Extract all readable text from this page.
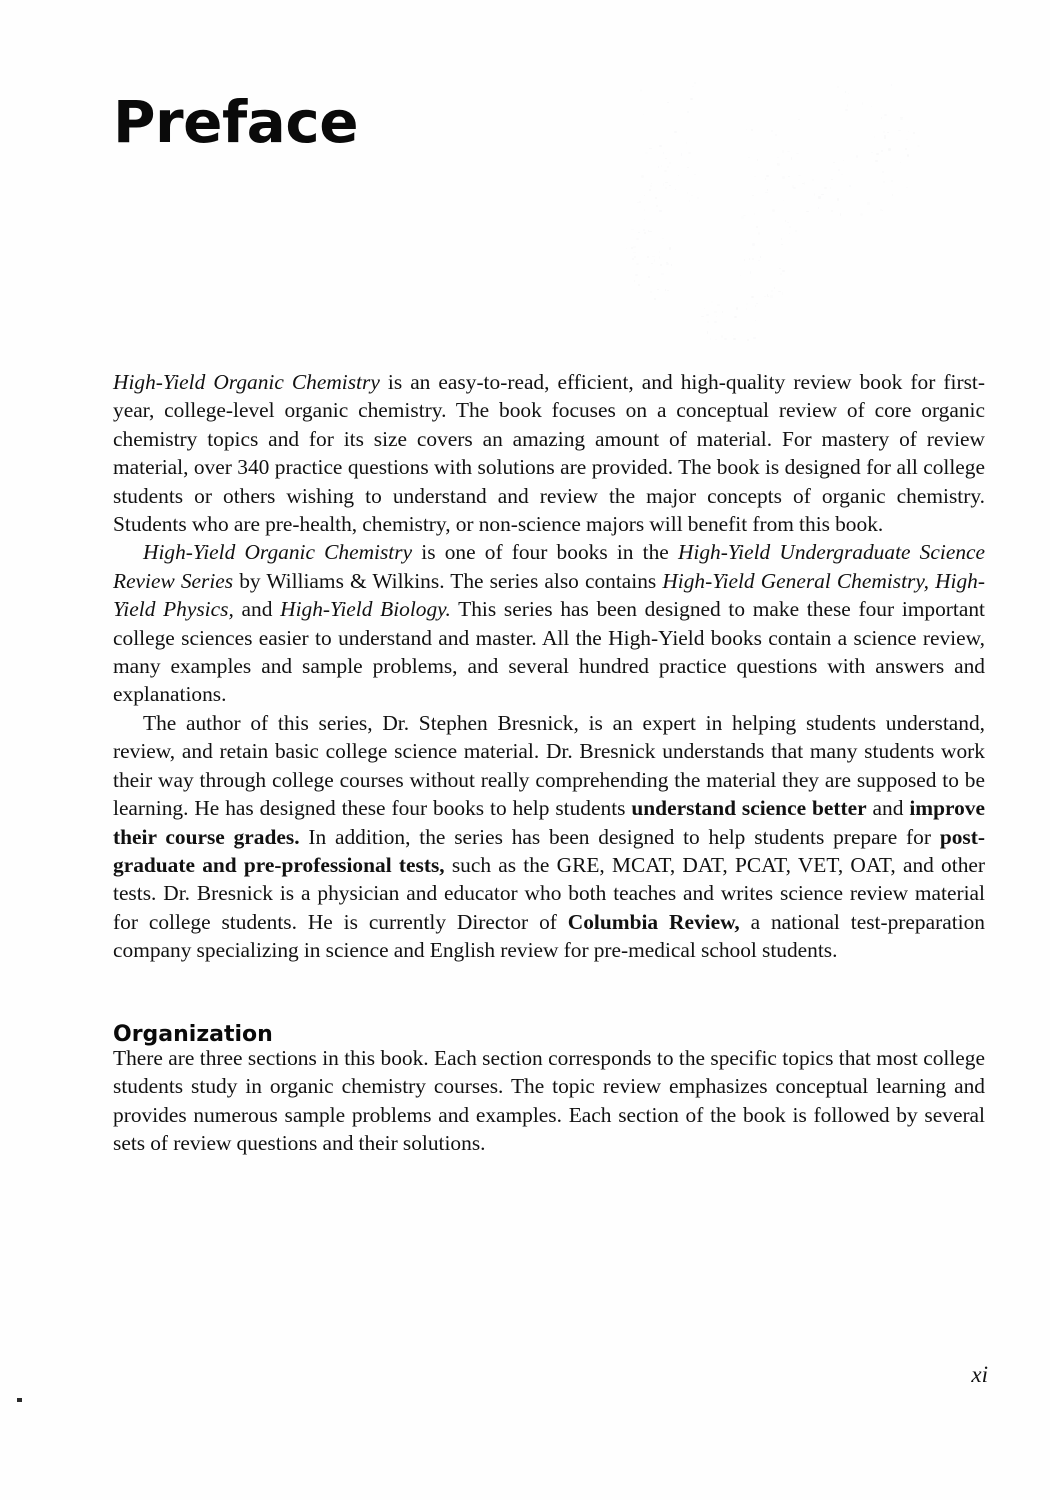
Preface

High-Yield Organic Chemistry is an easy-to-read, efficient, and high-quality review book for first-year, college-level organic chemistry. The book focuses on a conceptual review of core organic chemistry topics and for its size covers an amazing amount of material. For mastery of review material, over 340 practice questions with solutions are provided. The book is designed for all college students or others wishing to understand and review the major concepts of organic chemistry. Students who are pre-health, chemistry, or non-science majors will benefit from this book.

High-Yield Organic Chemistry is one of four books in the High-Yield Undergraduate Science Review Series by Williams & Wilkins. The series also contains High-Yield General Chemistry, High-Yield Physics, and High-Yield Biology. This series has been designed to make these four important college sciences easier to understand and master. All the High-Yield books contain a science review, many examples and sample problems, and several hundred practice questions with answers and explanations.

The author of this series, Dr. Stephen Bresnick, is an expert in helping students understand, review, and retain basic college science material. Dr. Bresnick understands that many students work their way through college courses without really comprehending the material they are supposed to be learning. He has designed these four books to help students understand science better and improve their course grades. In addition, the series has been designed to help students prepare for post-graduate and pre-professional tests, such as the GRE, MCAT, DAT, PCAT, VET, OAT, and other tests. Dr. Bresnick is a physician and educator who both teaches and writes science review material for college students. He is currently Director of Columbia Review, a national test-preparation company specializing in science and English review for pre-medical school students.

Organization

There are three sections in this book. Each section corresponds to the specific topics that most college students study in organic chemistry courses. The topic review emphasizes conceptual learning and provides numerous sample problems and examples. Each section of the book is followed by several sets of review questions and their solutions.

xi
